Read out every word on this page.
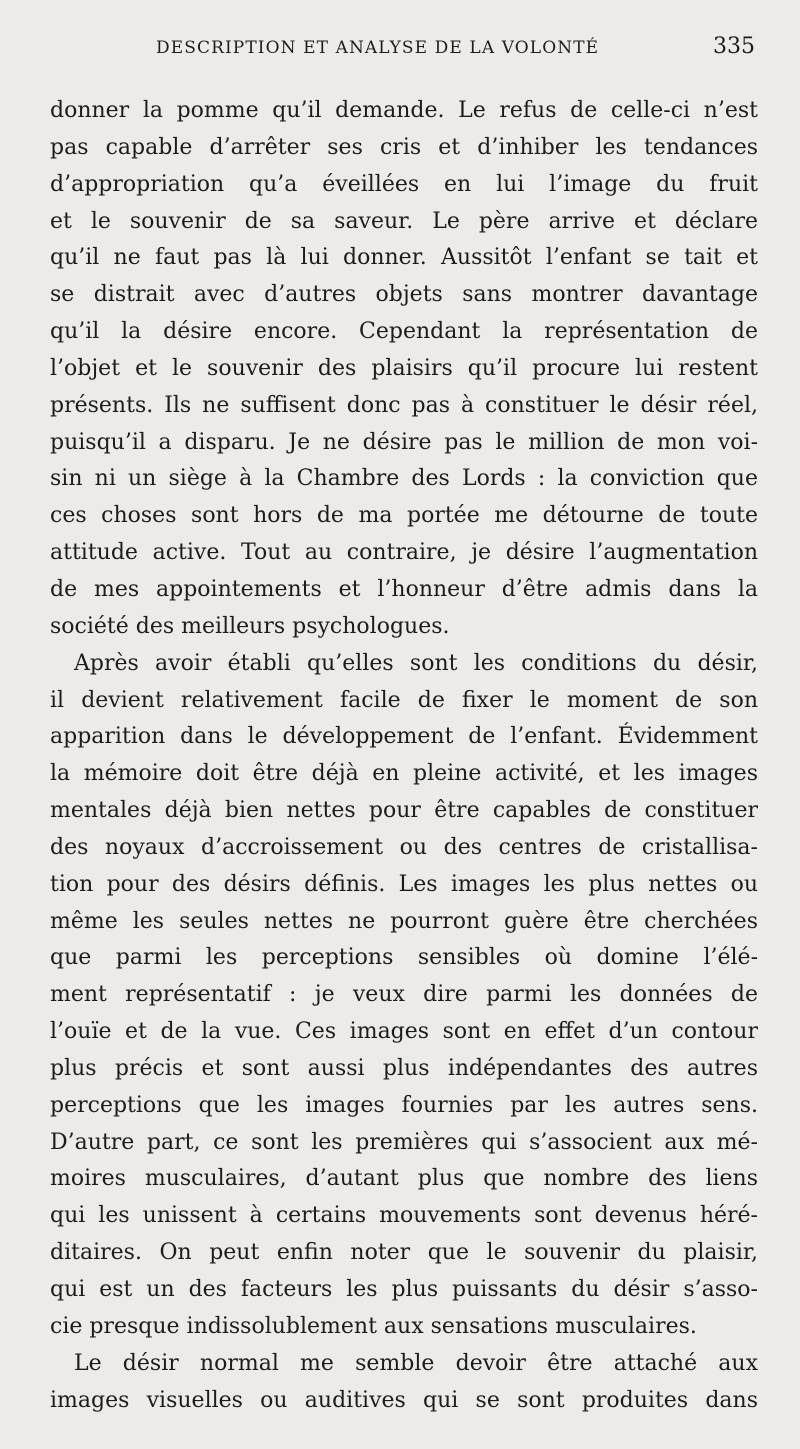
DESCRIPTION ET ANALYSE DE LA VOLONTÉ	335
donner la pomme qu’il demande. Le refus de celle-ci n’est
pas capable d’arrêter ses cris et d’inhiber les tendances
d’appropriation qu’a éveillées en lui l’image du fruit
et le souvenir de sa saveur. Le père arrive et déclare
qu’il ne faut pas là lui donner. Aussitôt l’enfant se tait et
se distrait avec d’autres objets sans montrer davantage
qu’il la désire encore. Cependant la représentation de
l’objet et le souvenir des plaisirs qu’il procure lui restent
présents. Ils ne suffisent donc pas à constituer le désir réel,
puisqu’il a disparu. Je ne désire pas le million de mon voi-
sin ni un siège à la Chambre des Lords : la conviction que
ces choses sont hors de ma portée me détourne de toute
attitude active. Tout au contraire, je désire l’augmentation
de mes appointements et l’honneur d’être admis dans la
société des meilleurs psychologues.
Après avoir établi qu’elles sont les conditions du désir,
il devient relativement facile de fixer le moment de son
apparition dans le développement de l’enfant. Évidemment
la mémoire doit être déjà en pleine activité, et les images
mentales déjà bien nettes pour être capables de constituer
des noyaux d’accroissement ou des centres de cristallisa-
tion pour des désirs définis. Les images les plus nettes ou
même les seules nettes ne pourront guère être cherchées
que parmi les perceptions sensibles où domine l’élé-
ment représentatif : je veux dire parmi les données de
l’ouïe et de la vue. Ces images sont en effet d’un contour
plus précis et sont aussi plus indépendantes des autres
perceptions que les images fournies par les autres sens.
D’autre part, ce sont les premières qui s’associent aux mé-
moires musculaires, d’autant plus que nombre des liens
qui les unissent à certains mouvements sont devenus héré-
ditaires. On peut enfin noter que le souvenir du plaisir,
qui est un des facteurs les plus puissants du désir s’asso-
cie presque indissolublement aux sensations musculaires.
Le désir normal me semble devoir être attaché aux
images visuelles ou auditives qui se sont produites dans
